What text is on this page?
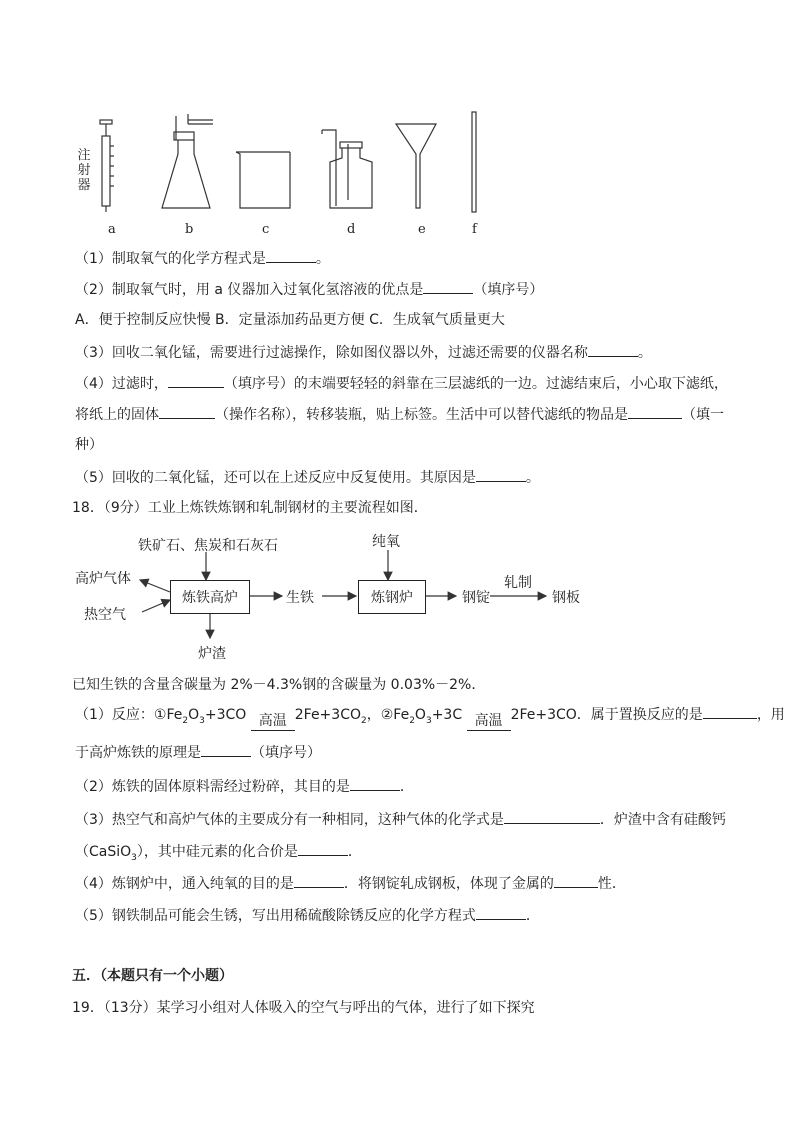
注射器
a	b	c	d	e	f
（1）制取氧气的化学方程式是	。
（2）制取氧气时，用 a 仪器加入过氧化氢溶液的优点是	（填序号）
A．便于控制反应快慢 B．定量添加药品更方便 C．生成氧气质量更大
（3）回收二氧化锰，需要进行过滤操作，除如图仪器以外，过滤还需要的仪器名称	。
（4）过滤时，	（填序号）的末端要轻轻的斜靠在三层滤纸的一边。过滤结束后，小心取下滤纸，
将纸上的固体	（操作名称），转移装瓶，贴上标签。生活中可以替代滤纸的物品是	（填一
种）
（5）回收的二氧化锰，还可以在上述反应中反复使用。其原因是	。
18．（9分）工业上炼铁炼钢和轧制钢材的主要流程如图．
铁矿石、焦炭和石灰石	纯氧
高炉气体
热空气
炼铁高炉	生铁	炼钢炉	钢锭
轧制
钢板
炉渣
已知生铁的含量含碳量为 2%－4.3%钢的含碳量为 0.03%－2%．
（1）反应：$①Fe_2O_3+3CO$ 高温 $2Fe+3CO_2$，$②Fe_2O_3+3C$ 高温 2Fe+3CO．属于置换反应的是	，用
于高炉炼铁的原理是	（填序号）
（2）炼铁的固体原料需经过粉碎，其目的是	．
（3）热空气和高炉气体的主要成分有一种相同，这种气体的化学式是	．炉渣中含有硅酸钙
（CaSiO$_3$），其中硅元素的化合价是	．
（4）炼钢炉中，通入纯氧的目的是	．将钢锭轧成钢板，体现了金属的	性．
（5）钢铁制品可能会生锈，写出用稀硫酸除锈反应的化学方程式	．
五．（本题只有一个小题）
19．（13分）某学习小组对人体吸入的空气与呼出的气体，进行了如下探究
